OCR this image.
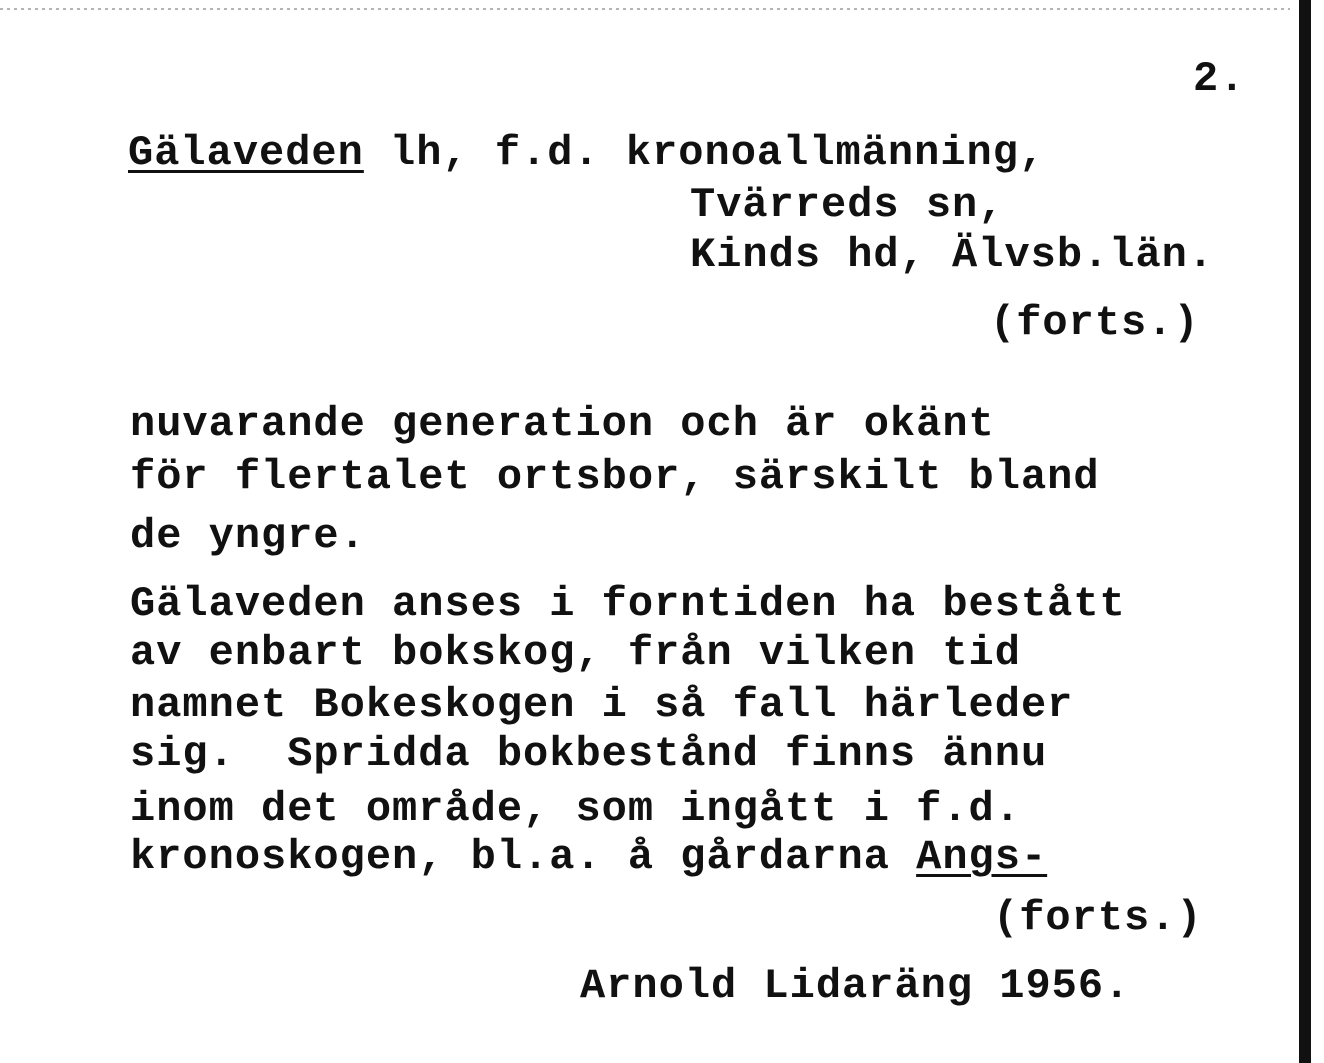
2.
Gälaveden lh, f.d. kronoallmänning,
Tvärreds sn,
Kinds hd, Älvsb.län.
(forts.)
nuvarande generation och är okänt
för flertalet ortsbor, särskilt bland
de yngre.
Gälaveden anses i forntiden ha bestått
av enbart bokskog, från vilken tid
namnet Bokeskogen i så fall härleder
sig.  Spridda bokbestånd finns ännu
inom det område, som ingått i f.d.
kronoskogen, bl.a. å gårdarna Angs-
(forts.)
Arnold Lidaräng 1956.
